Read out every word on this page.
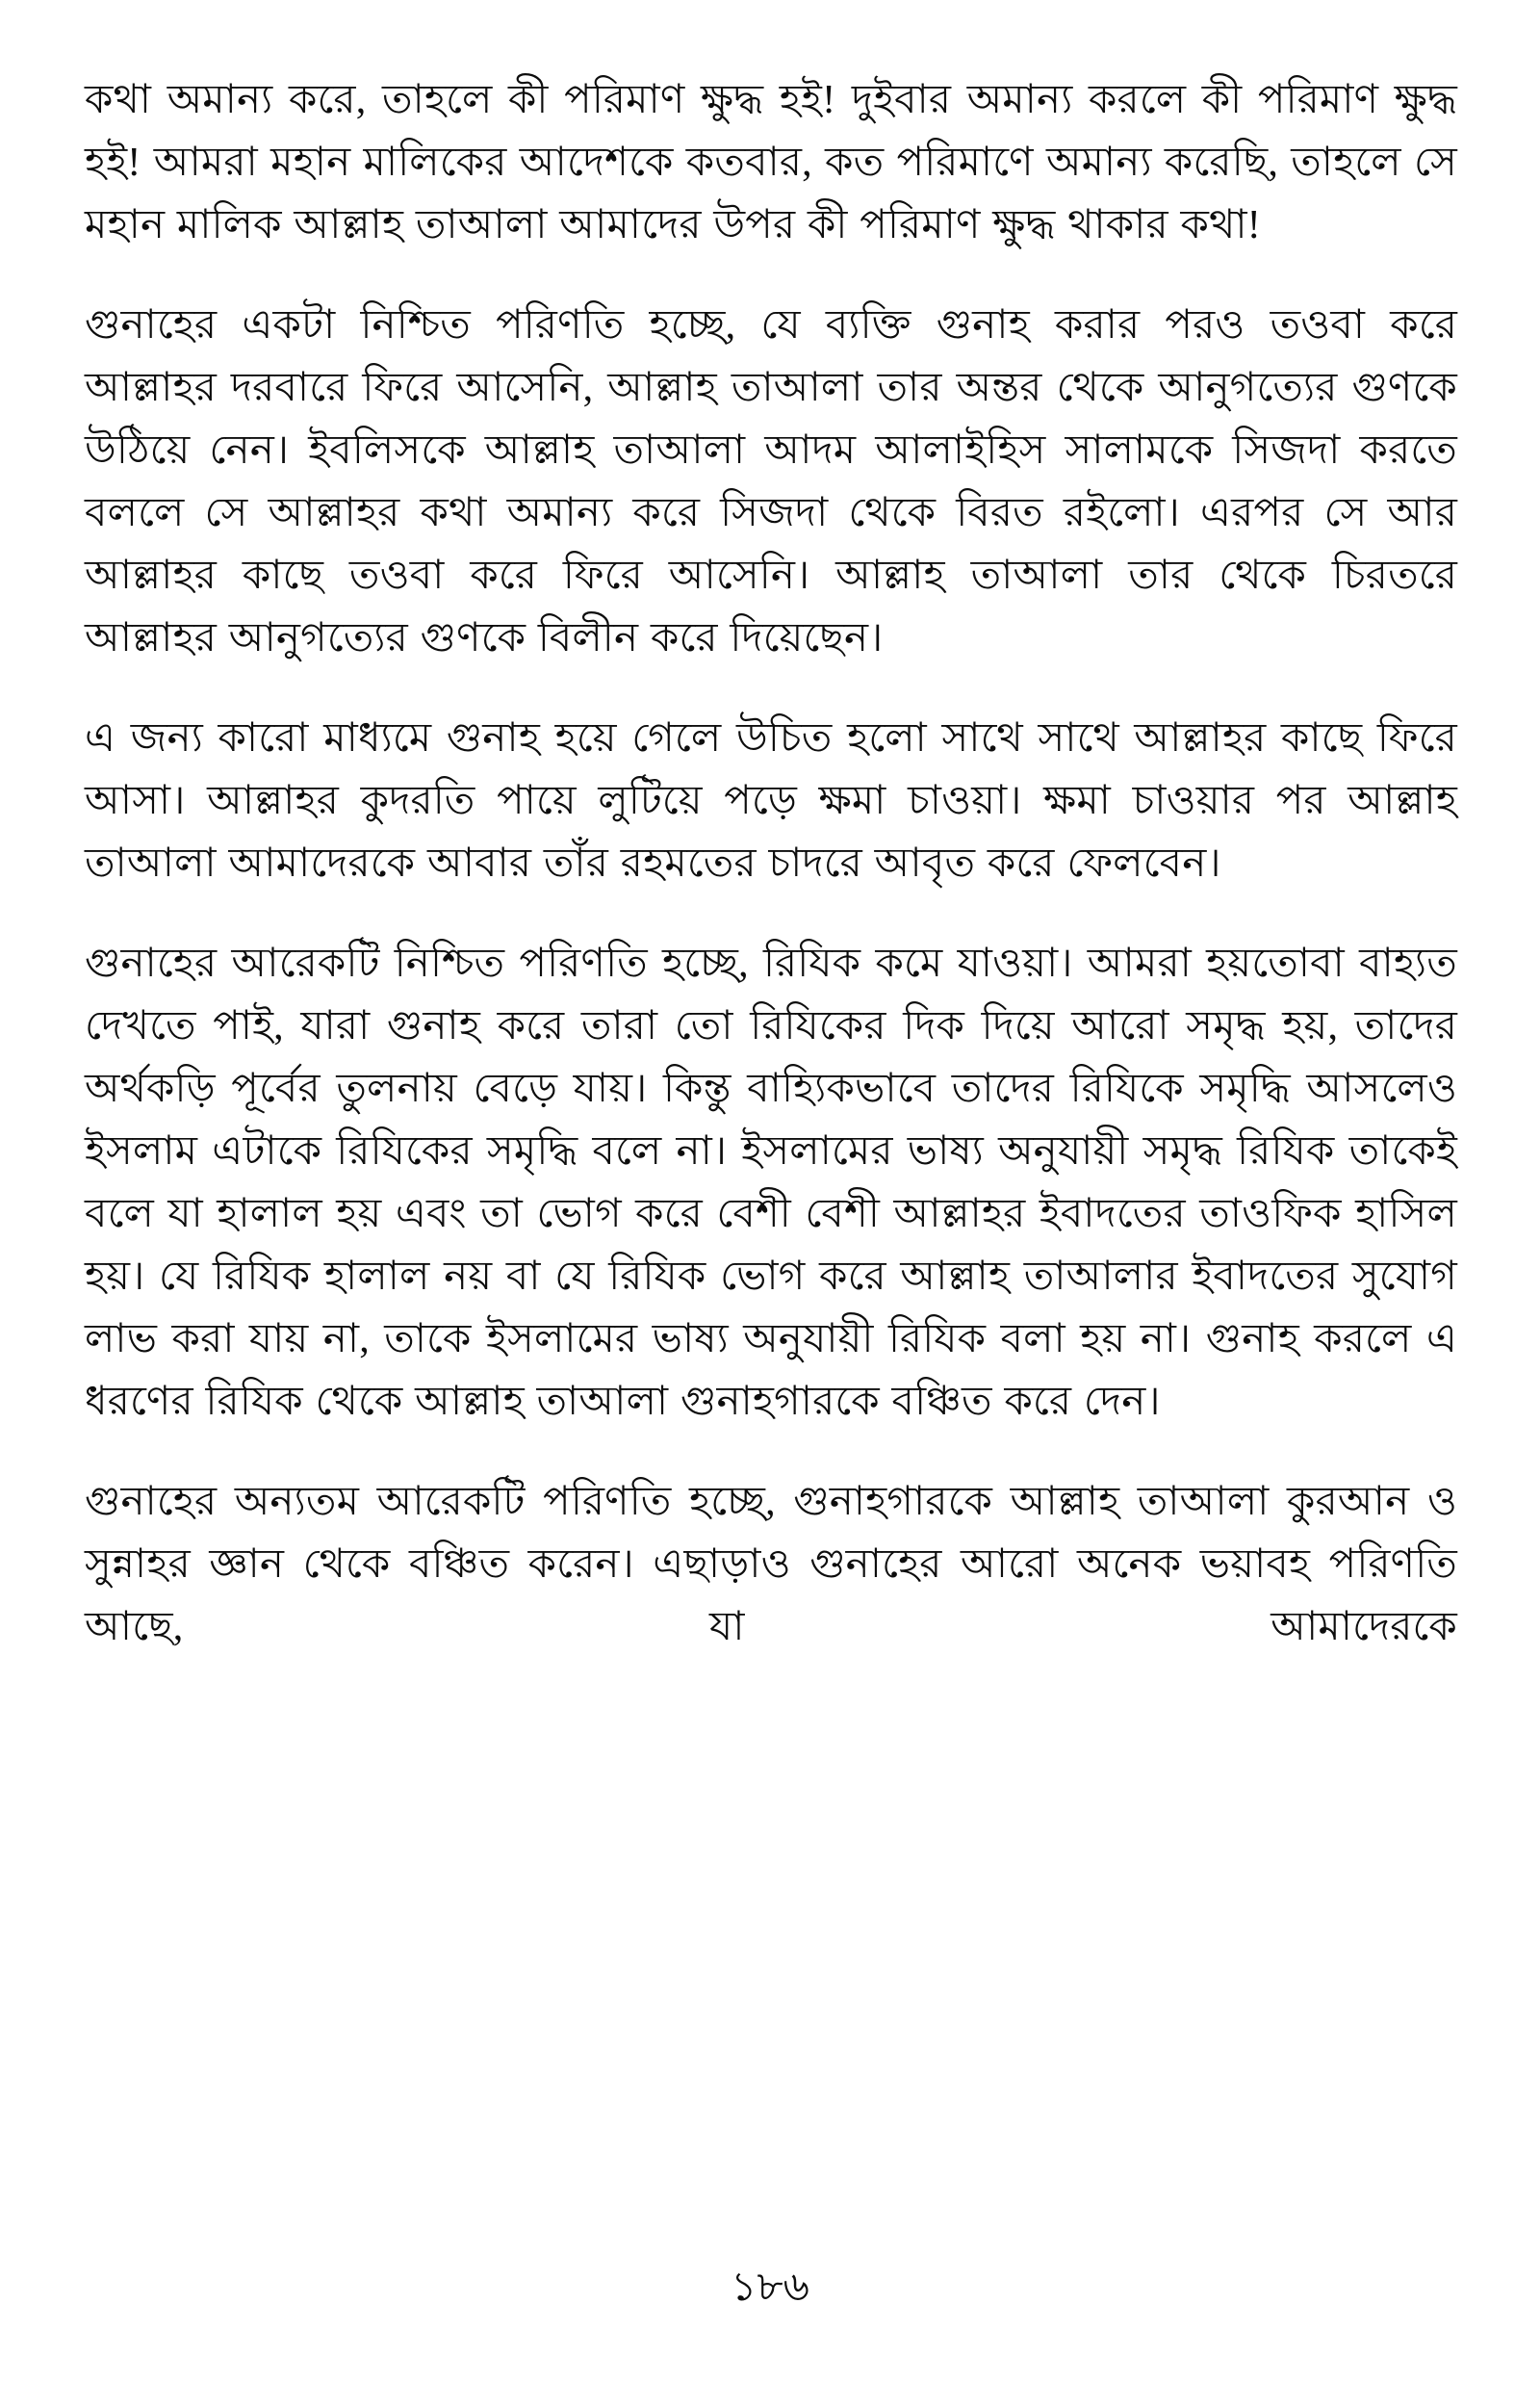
কথা অমান্য করে, তাহলে কী পরিমাণ ক্ষুদ্ধ হই! দুইবার অমান্য করলে কী পরিমাণ ক্ষুদ্ধ হই! আমরা মহান মালিকের আদেশকে কতবার, কত পরিমাণে অমান্য করেছি, তাহলে সে মহান মালিক আল্লাহ তাআলা আমাদের উপর কী পরিমাণ ক্ষুদ্ধ থাকার কথা!

গুনাহের একটা নিশ্চিত পরিণতি হচ্ছে, যে ব্যক্তি গুনাহ করার পরও তওবা করে আল্লাহর দরবারে ফিরে আসেনি, আল্লাহ তাআলা তার অন্তর থেকে আনুগত্যের গুণকে উঠিয়ে নেন। ইবলিসকে আল্লাহ তাআলা আদম আলাইহিস সালামকে সিজদা করতে বললে সে আল্লাহর কথা অমান্য করে সিজদা থেকে বিরত রইলো। এরপর সে আর আল্লাহর কাছে তওবা করে ফিরে আসেনি। আল্লাহ তাআলা তার থেকে চিরতরে আল্লাহর আনুগত্যের গুণকে বিলীন করে দিয়েছেন।

এ জন্য কারো মাধ্যমে গুনাহ হয়ে গেলে উচিত হলো সাথে সাথে আল্লাহর কাছে ফিরে আসা। আল্লাহর কুদরতি পায়ে লুটিয়ে পড়ে ক্ষমা চাওয়া। ক্ষমা চাওয়ার পর আল্লাহ তাআলা আমাদেরকে আবার তাঁর রহমতের চাদরে আবৃত করে ফেলবেন।

গুনাহের আরেকটি নিশ্চিত পরিণতি হচ্ছে, রিযিক কমে যাওয়া। আমরা হয়তোবা বাহ্যত দেখতে পাই, যারা গুনাহ করে তারা তো রিযিকের দিক দিয়ে আরো সমৃদ্ধ হয়, তাদের অর্থকড়ি পূর্বের তুলনায় বেড়ে যায়। কিন্তু বাহ্যিকভাবে তাদের রিযিকে সমৃদ্ধি আসলেও ইসলাম এটাকে রিযিকের সমৃদ্ধি বলে না। ইসলামের ভাষ্য অনুযায়ী সমৃদ্ধ রিযিক তাকেই বলে যা হালাল হয় এবং তা ভোগ করে বেশী বেশী আল্লাহর ইবাদতের তাওফিক হাসিল হয়। যে রিযিক হালাল নয় বা যে রিযিক ভোগ করে আল্লাহ তাআলার ইবাদতের সুযোগ লাভ করা যায় না, তাকে ইসলামের ভাষ্য অনুযায়ী রিযিক বলা হয় না। গুনাহ করলে এ ধরণের রিযিক থেকে আল্লাহ তাআলা গুনাহগারকে বঞ্চিত করে দেন।

গুনাহের অন্যতম আরেকটি পরিণতি হচ্ছে, গুনাহগারকে আল্লাহ তাআলা কুরআন ও সুন্নাহর জ্ঞান থেকে বঞ্চিত করেন। এছাড়াও গুনাহের আরো অনেক ভয়াবহ পরিণতি আছে, যা আমাদেরকে

১৮৬
